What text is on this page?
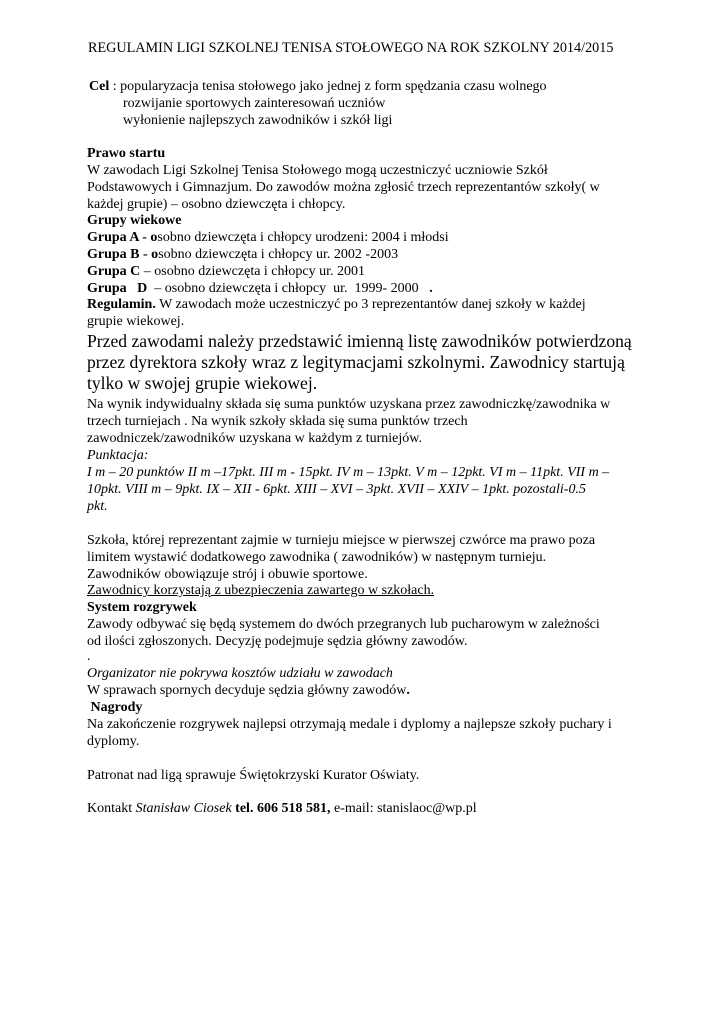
REGULAMIN LIGI SZKOLNEJ TENISA STOŁOWEGO NA ROK SZKOLNY 2014/2015
Cel : popularyzacja tenisa stołowego jako jednej z form spędzania czasu wolnego
rozwijanie sportowych zainteresowań uczniów
wyłonienie najlepszych zawodników i szkół ligi
Prawo startu
W zawodach Ligi Szkolnej Tenisa Stołowego mogą uczestniczyć uczniowie Szkół
Podstawowych i Gimnazjum. Do zawodów można zgłosić trzech reprezentantów szkoły( w
każdej grupie) – osobno dziewczęta i chłopcy.
Grupy wiekowe
Grupa A - osobno dziewczęta i chłopcy urodzeni: 2004 i młodsi
Grupa B - osobno dziewczęta i chłopcy ur. 2002 -2003
Grupa C – osobno dziewczęta i chłopcy ur. 2001
Grupa   D  – osobno dziewczęta i chłopcy  ur.  1999- 2000   .
Regulamin. W zawodach może uczestniczyć po 3 reprezentantów danej szkoły w każdej
grupie wiekowej.
Przed zawodami należy przedstawić imienną listę zawodników potwierdzoną
przez dyrektora szkoły wraz z legitymacjami szkolnymi. Zawodnicy startują
tylko w swojej grupie wiekowej.
Na wynik indywidualny składa się suma punktów uzyskana przez zawodniczkę/zawodnika w
trzech turniejach . Na wynik szkoły składa się suma punktów trzech
zawodniczek/zawodników uzyskana w każdym z turniejów.
Punktacja:
I m – 20 punktów II m –17pkt. III m - 15pkt. IV m – 13pkt. V m – 12pkt. VI m – 11pkt. VII m –
10pkt. VIII m – 9pkt. IX – XII - 6pkt. XIII – XVI – 3pkt. XVII – XXIV – 1pkt. pozostali-0.5
pkt.
Szkoła, której reprezentant zajmie w turnieju miejsce w pierwszej czwórce ma prawo poza
limitem wystawić dodatkowego zawodnika ( zawodników) w następnym turnieju.
Zawodników obowiązuje strój i obuwie sportowe.
Zawodnicy korzystają z ubezpieczenia zawartego w szkołach.
System rozgrywek
Zawody odbywać się będą systemem do dwóch przegranych lub pucharowym w zależności
od ilości zgłoszonych. Decyzję podejmuje sędzia główny zawodów.
.
Organizator nie pokrywa kosztów udziału w zawodach
W sprawach spornych decyduje sędzia główny zawodów.
Nagrody
Na zakończenie rozgrywek najlepsi otrzymają medale i dyplomy a najlepsze szkoły puchary i
dyplomy.
Patronat nad ligą sprawuje Świętokrzyski Kurator Oświaty.
Kontakt Stanisław Ciosek tel. 606 518 581, e-mail: stanislaoc@wp.pl
